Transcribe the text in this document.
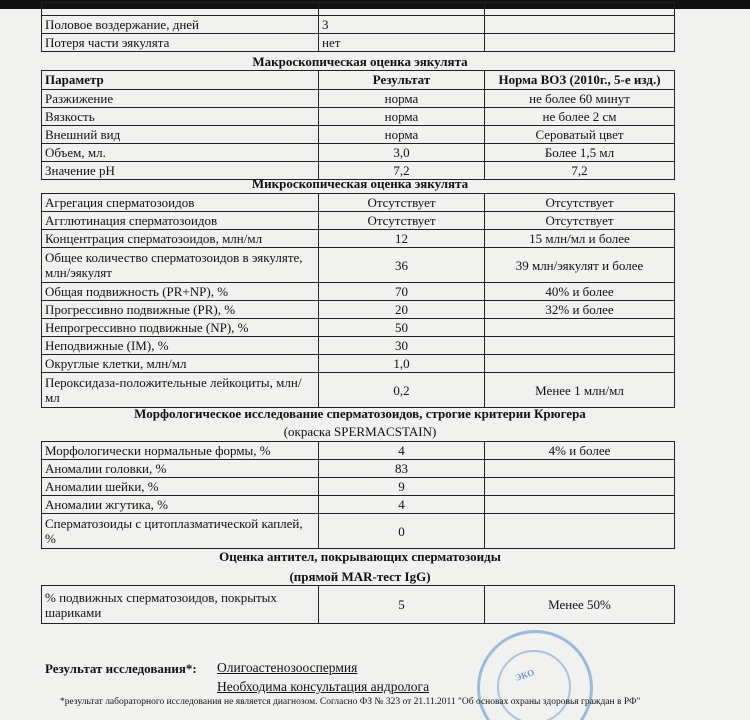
Половое воздержание, дней	3	
Потеря части эякулята	нет	
Макроскопическая оценка эякулята
Параметр	Результат	Норма ВОЗ (2010г., 5-е изд.)
Разжижение	норма	не более 60 минут
Вязкость	норма	не более 2 см
Внешний вид	норма	Сероватый цвет
Объем, мл.	3,0	Более 1,5 мл
Значение pH	7,2	7,2
Микроскопическая оценка эякулята
Агрегация сперматозоидов	Отсутствует	Отсутствует
Агглютинация сперматозоидов	Отсутствует	Отсутствует
Концентрация сперматозоидов, млн/мл	12	15 млн/мл и более
Общее количество сперматозоидов в эякуляте, млн/эякулят	36	39 млн/эякулят и более
Общая подвижность (PR+NP), %	70	40% и более
Прогрессивно подвижные (PR), %	20	32% и более
Непрогрессивно подвижные (NP), %	50	
Неподвижные (IM), %	30	
Округлые клетки, млн/мл	1,0	
Пероксидаза-положительные лейкоциты, млн/мл	0,2	Менее 1 млн/мл
Морфологическое исследование сперматозоидов, строгие критерии Крюгера
(окраска SPERMACSTAIN)
Морфологически нормальные формы, %	4	4% и более
Аномалии головки, %	83	
Аномалии шейки, %	9	
Аномалии жгутика, %	4	
Сперматозоиды с цитоплазматической каплей, %	0	
Оценка антител, покрывающих сперматозоиды
(прямой MAR-тест IgG)
% подвижных сперматозоидов, покрытых шариками	5	Менее 50%
Результат исследования*: Олигоастенозооспермия
Необходима консультация андролога
ЭКО
*результат лабораторного исследования не является диагнозом. Согласно ФЗ № 323 от 21.11.2011 "Об основах охраны здоровья граждан в РФ"
